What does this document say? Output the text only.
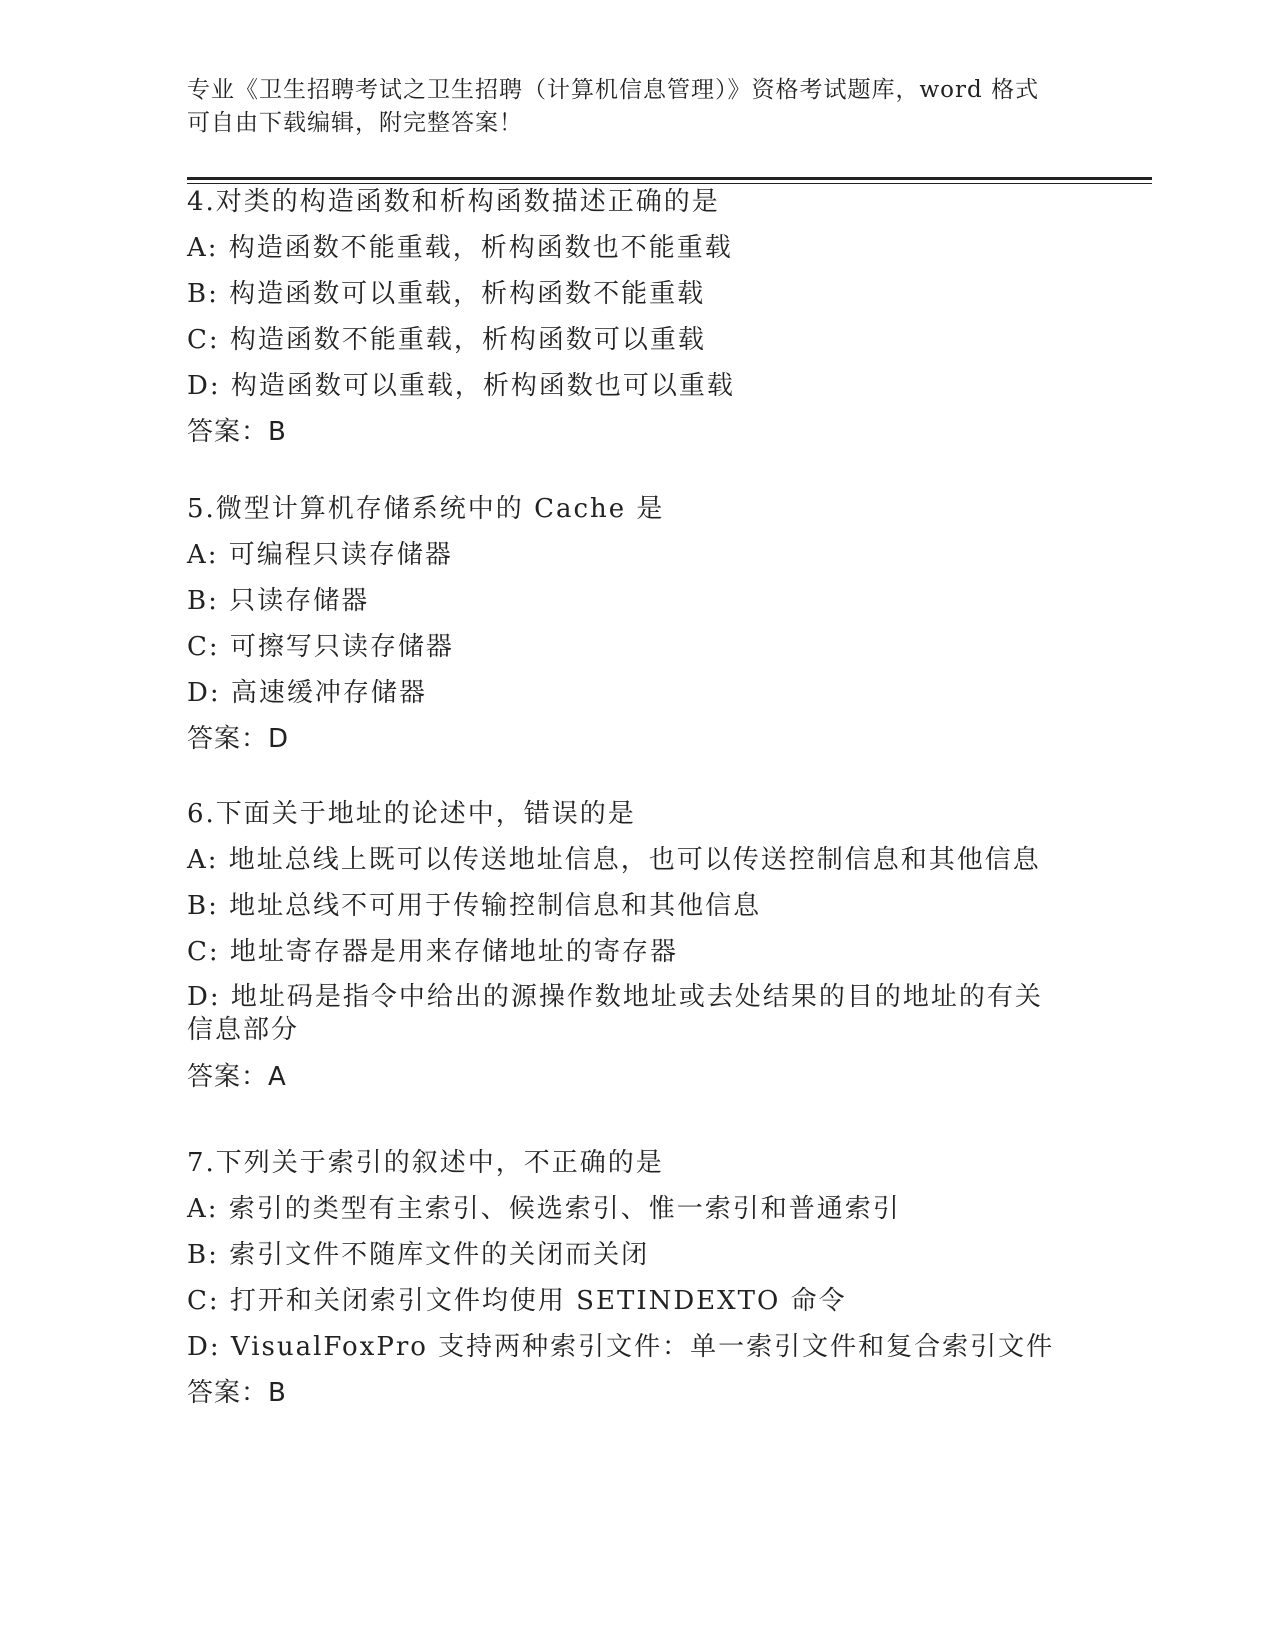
专业《卫生招聘考试之卫生招聘（计算机信息管理）》资格考试题库，word 格式
可自由下载编辑，附完整答案！
4.对类的构造函数和析构函数描述正确的是
A: 构造函数不能重载，析构函数也不能重载
B: 构造函数可以重载，析构函数不能重载
C: 构造函数不能重载，析构函数可以重载
D: 构造函数可以重载，析构函数也可以重载
答案：B
5.微型计算机存储系统中的 Cache 是
A: 可编程只读存储器
B: 只读存储器
C: 可擦写只读存储器
D: 高速缓冲存储器
答案：D
6.下面关于地址的论述中，错误的是
A: 地址总线上既可以传送地址信息，也可以传送控制信息和其他信息
B: 地址总线不可用于传输控制信息和其他信息
C: 地址寄存器是用来存储地址的寄存器
D: 地址码是指令中给出的源操作数地址或去处结果的目的地址的有关信息部分
答案：A
7.下列关于索引的叙述中，不正确的是
A: 索引的类型有主索引、候选索引、惟一索引和普通索引
B: 索引文件不随库文件的关闭而关闭
C: 打开和关闭索引文件均使用 SETINDEXTO 命令
D: VisualFoxPro 支持两种索引文件：单一索引文件和复合索引文件
答案：B
